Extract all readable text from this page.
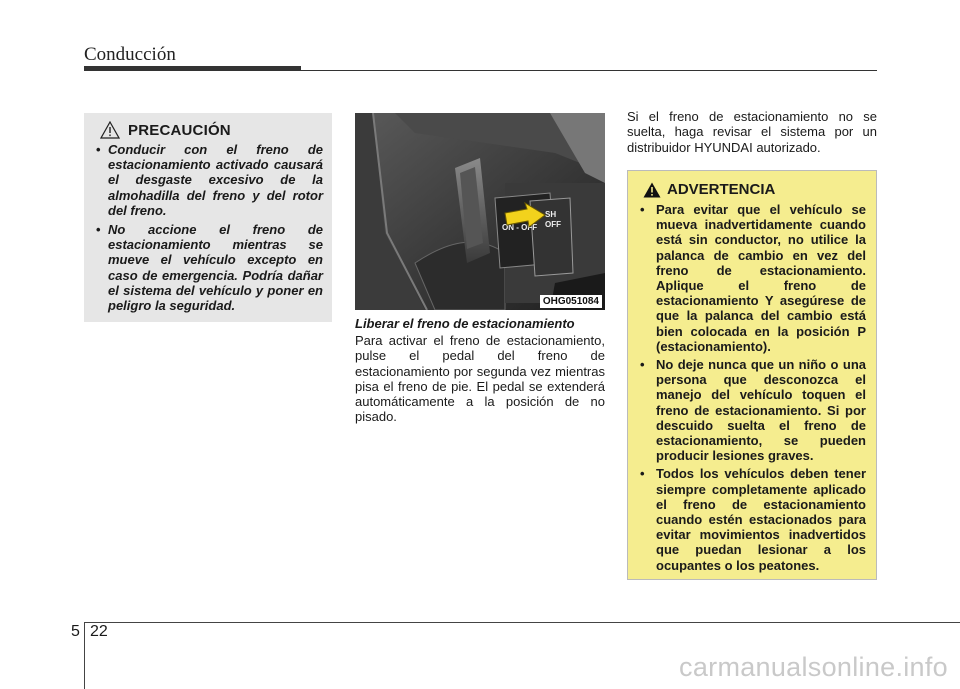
Conducción
PRECAUCIÓN
• Conducir con el freno de estacionamiento activado causará el desgaste excesivo de la almohadilla del freno y del rotor del freno.
• No accione el freno de estacionamiento mientras se mueve el vehículo excepto en caso de emergencia. Podría dañar el sistema del vehículo y poner en peligro la seguridad.
ON - OFF
SH
OFF
OHG051084
Liberar el freno de estacionamiento
Para activar el freno de estacionamiento, pulse el pedal del freno de estacionamiento por segunda vez mientras pisa el freno de pie. El pedal se extenderá automáticamente a la posición de no pisado.
Si el freno de estacionamiento no se suelta, haga revisar el sistema por un distribuidor HYUNDAI autorizado.
ADVERTENCIA
• Para evitar que el vehículo se mueva inadvertidamente cuando está sin conductor, no utilice la palanca de cambio en vez del freno de estacionamiento. Aplique el freno de estacionamiento Y asegúrese de que la palanca del cambio está bien colocada en la posición P (estacionamiento).
• No deje nunca que un niño o una persona que desconozca el manejo del vehículo toquen el freno de estacionamiento. Si por descuido suelta el freno de estacionamiento, se pueden producir lesiones graves.
• Todos los vehículos deben tener siempre completamente aplicado el freno de estacionamiento cuando estén estacionados para evitar movimientos inadvertidos que puedan lesionar a los ocupantes o los peatones.
5 22
carmanualsonline.info
